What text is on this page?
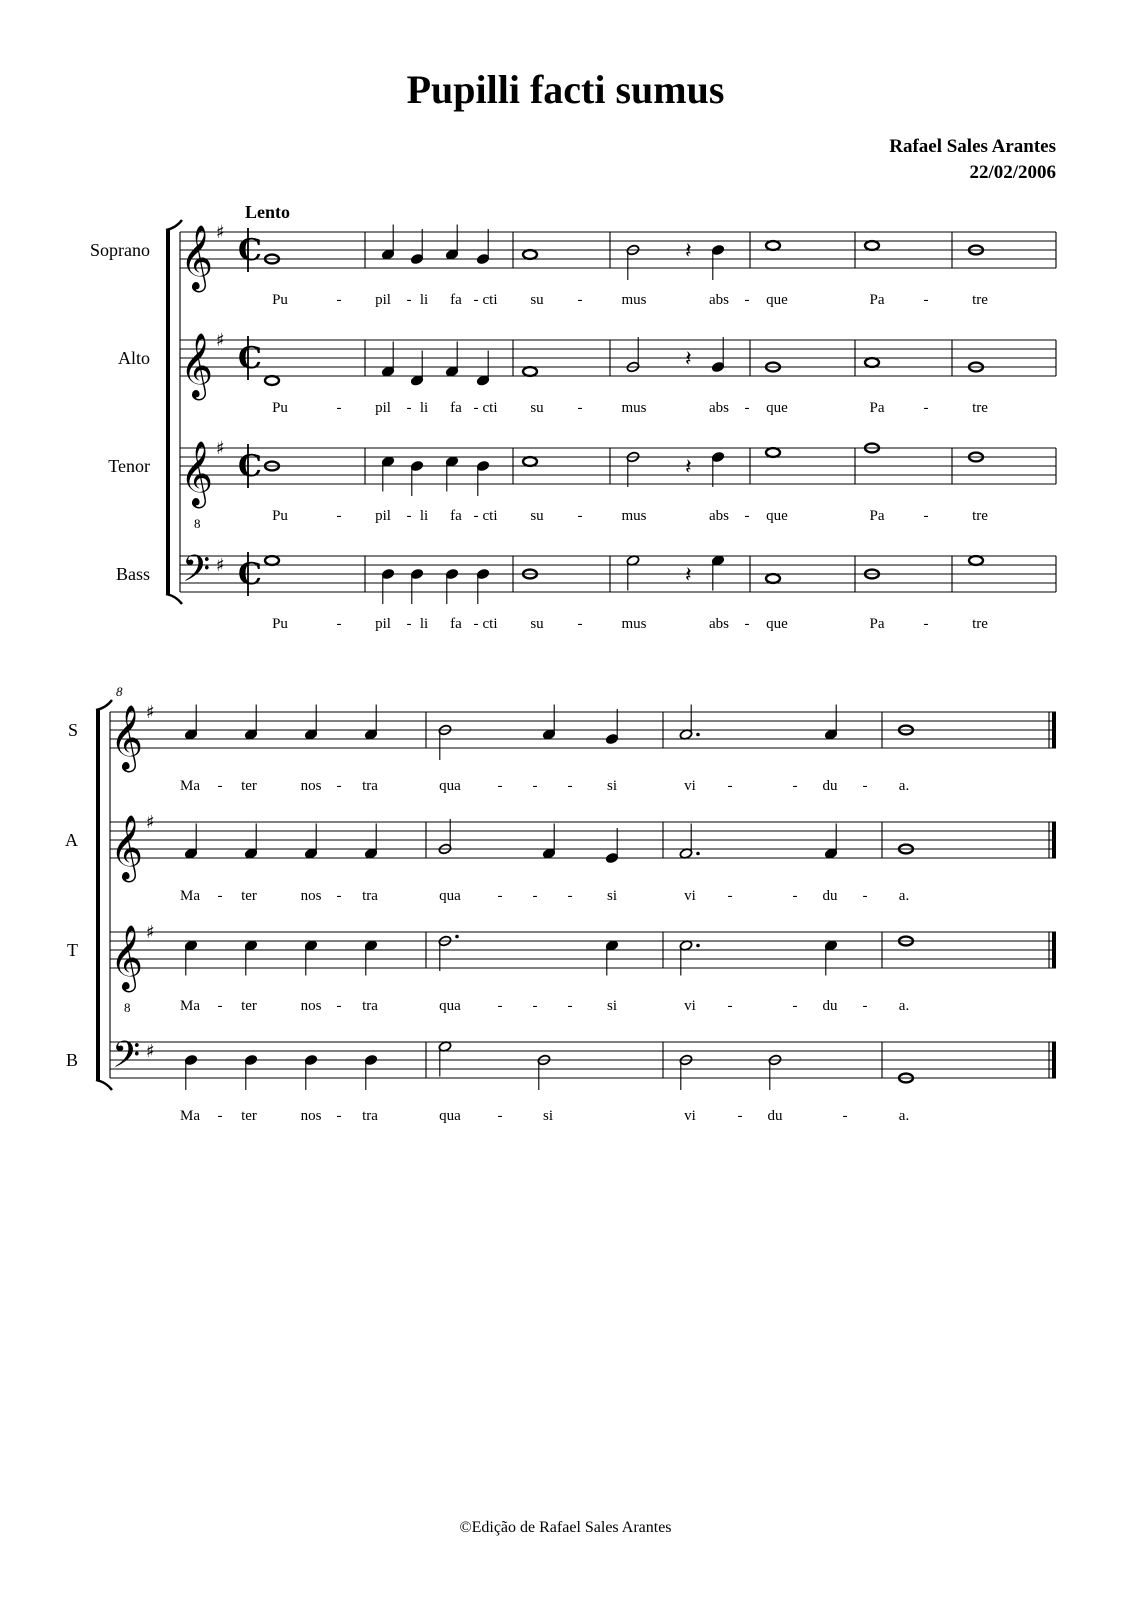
Pupilli facti sumus
Rafael Sales Arantes
22/02/2006
Lento
©Edição de Rafael Sales Arantes
𝄞 ♯
C
Soprano	𝄽
𝄞 ♯
C
Alto	𝄽
𝄞
8
♯
C
Tenor	𝄽
𝄢 ♯ C
Bass	𝄽
𝄞 ♯
S
𝄞 ♯
A
𝄞
8
♯
T
𝄢 ♯
B
8
Pu	- pil - li fa - cti su -	mus	abs - que	Pa	-	tre
Pu	- pil - li fa - cti su -	mus	abs - que	Pa	-	tre
Pu	- pil - li fa - cti su -	mus	abs - que	Pa	-	tre
Pu	- pil - li fa - cti su -	mus	abs - que	Pa	-	tre
Ma - ter	nos - tra	qua - - - si	vi -	- du - a.
Ma - ter	nos - tra	qua - - - si	vi -	- du - a.
Ma - ter	nos - tra	qua - - - si	vi -	- du - a.
Ma - ter	nos - tra	qua -	si	vi	- du	-	a.
